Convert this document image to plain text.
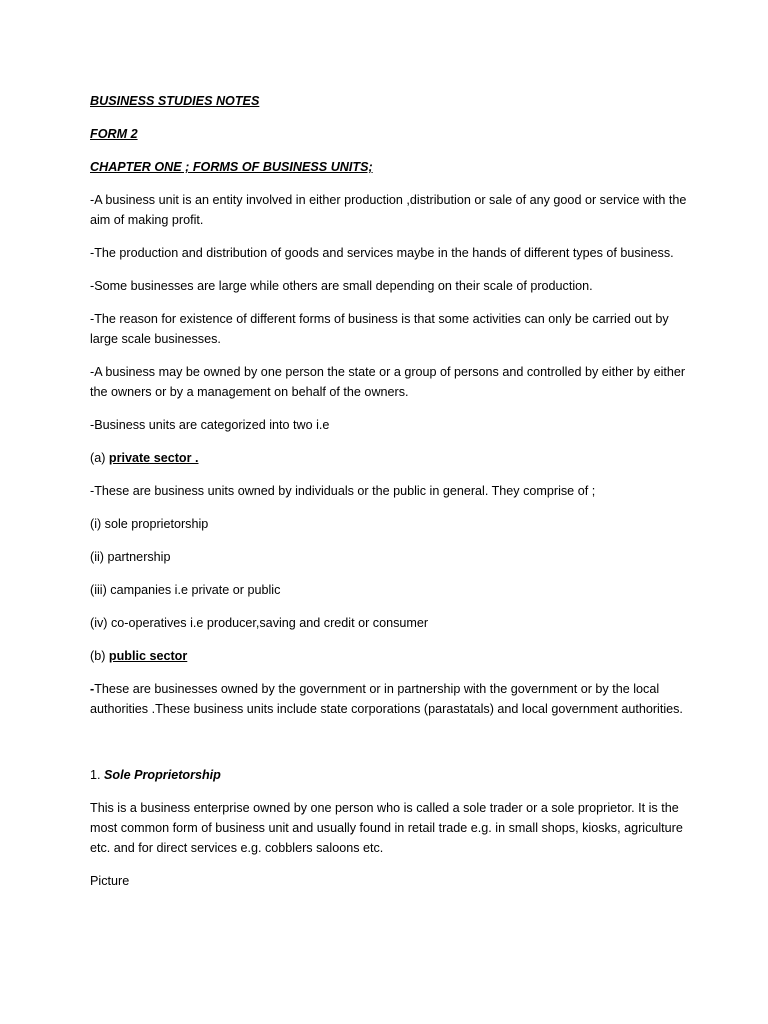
BUSINESS STUDIES NOTES

FORM 2

CHAPTER ONE ; FORMS OF BUSINESS UNITS;

-A business unit is an entity involved in either production ,distribution or sale of any good or service with the aim of making profit.

-The production and distribution of goods and services maybe in the hands of different types of business.

-Some businesses are large while others are small depending on their scale of production.

-The reason for existence of different forms of business is that some activities can only be carried out by large scale businesses.

-A business may be owned by one person the state or a group of persons and controlled by either by either the owners or by a management on behalf of the owners.

-Business units are categorized into two i.e

(a) private sector .

-These are business units owned by individuals or the public in general. They comprise of ;

(i) sole proprietorship

(ii) partnership

(iii) campanies i.e private or public

(iv) co-operatives i.e producer,saving and credit or consumer

(b) public sector

-These are businesses owned by the government or in partnership with the government or by the local authorities .These business units include state corporations (parastatals) and local government authorities.

1. Sole Proprietorship

This is a business enterprise owned by one person who is called a sole trader or a sole proprietor. It is the most common form of business unit and usually found in retail trade e.g. in small shops, kiosks, agriculture etc. and for direct services e.g. cobblers saloons etc.

Picture
